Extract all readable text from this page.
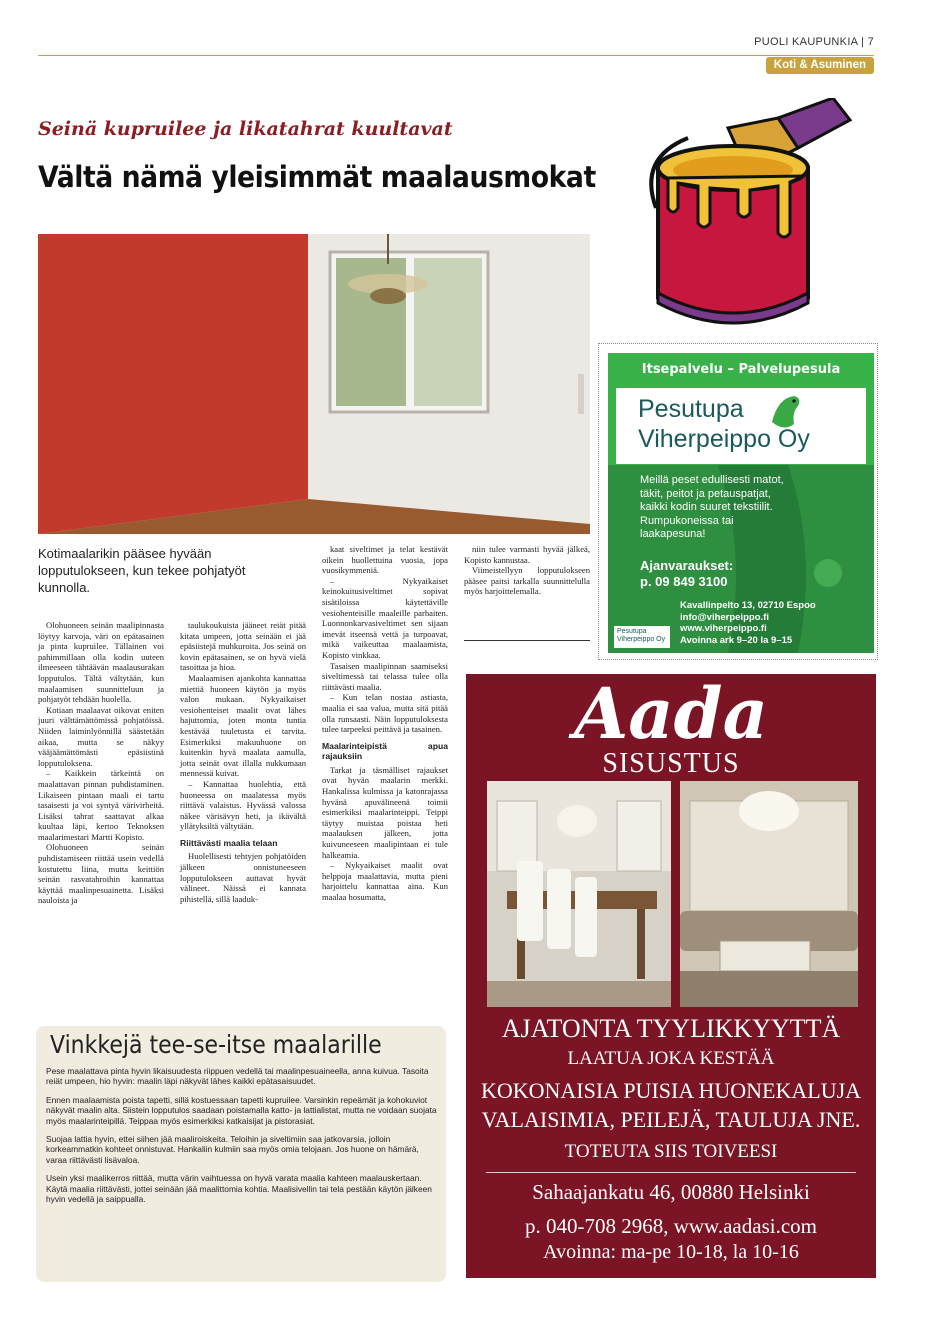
PUOLI KAUPUNKIA | 7
Koti & Asuminen
Seinä kupruilee ja likatahrat kuultavat
Vältä nämä yleisimmät maalausmokat
Kotimaalarikin pääsee hyvään lopputulokseen, kun tekee pohjatyöt kunnolla.

Olohuoneen seinän maalipinnasta löytyy karvoja, väri on epätasainen ja pinta kupruilee. Tällainen voi pahimmillaan olla kodin uuteen ilmeeseen tähtäävän maalausurakan lopputulos. Tältä vältytään, kun maalaamisen suunnitteluun ja pohjatyöt tehdään huolella.

Kotiaan maalaavat oikovat eniten juuri välttämättömissä pohjatöissä. Niiden laiminlyönnillä säästetään aikaa, mutta se näkyy vääjäämättömästi epäsiistinä lopputuloksena.

– Kaikkein tärkeintä on maalattavan pinnan puhdistaminen. Likaiseen pintaan maali ei tartu tasaisesti ja voi syntyä värivirheitä. Lisäksi tahrat saattavat alkaa kuultaa läpi, kertoo Teknoksen maalarimestari Martti Kopisto.

Olohuoneen seinän puhdistamiseen riittää usein vedellä kostutettu liina, mutta keittiön seinän rasvatahroihin kannattaa käyttää maalinpesuainetta. Lisäksi nauloista ja

taulukoukuista jääneet reiät pitää kitata umpeen, jotta seinään ei jää epäsiistejä muhkuroita. Jos seinä on kovin epätasainen, se on hyvä vielä tasoittaa ja hioa.

Maalaamisen ajankohta kannattaa miettiä huoneen käytön ja myös valon mukaan. Nykyaikaiset vesiohenteiset maalit ovat lähes hajuttomia, joten monta tuntia kestävää tuuletusta ei tarvita. Esimerkiksi makuuhuone on kuitenkin hyvä maalata aamulla, jotta seinät ovat illalla nukkumaan mennessä kuivat.

– Kannattaa huolehtia, että huoneessa on maalatessa myös riittävä valaistus. Hyvässä valossa näkee värisävyn heti, ja ikävältä yllätyksiltä vältytään.

Riittävästi maalia telaan

Huolellisesti tehtyjen pohjatöiden jälkeen onnistuneeseen lopputulokseen auttavat hyvät välineet. Näissä ei kannata pihistellä, sillä laaduk-

kaat siveltimet ja telat kestävät oikein huollettuina vuosia, jopa vuosikymmeniä.

– Nykyaikaiset keinokuitusiveltimet sopivat sisätiloissa käytettäville vesiohenteisille maaleille parhaiten. Luonnonkarvasiveltimet sen sijaan imevät itseensä vettä ja turpoavat, mikä vaikeuttaa maalaamista, Kopisto vinkkaa.

Tasaisen maalipinnan saamiseksi siveltimessä tai telassa tulee olla riittävästi maalia.

– Kun telan nostaa astiasta, maalia ei saa valua, mutta sitä pitää olla runsaasti. Näin lopputuloksesta tulee tarpeeksi peittävä ja tasainen.

Maalarinteipistä apua rajauksiin

Tarkat ja täsmälliset rajaukset ovat hyvän maalarin merkki. Hankalissa kulmissa ja katonrajassa hyvänä apuvälineenä toimii esimerkiksi maalarinteippi. Teippi täytyy muistaa poistaa heti maalauksen jälkeen, jotta kuivuneeseen maalipintaan ei tule halkeamia.

– Nykyaikaiset maalit ovat helppoja maalattavia, mutta pieni harjoittelu kannattaa aina. Kun maalaa hosumatta,

niin tulee varmasti hyvää jälkeä, Kopisto kannustaa.

Viimeistellyyn lopputulokseen pääsee paitsi tarkalla suunnittelulla myös harjoittelemalla.

Vinkkejä tee-se-itse maalarille

Pese maalattava pinta hyvin likaisuudesta riippuen vedellä tai maalinpesuaineella, anna kuivua. Tasoita reiät umpeen, hio hyvin: maalin läpi näkyvät lähes kaikki epätasaisuudet.

Ennen maalaamista poista tapetti, sillä kostuessaan tapetti kupruilee. Varsinkin repeämät ja kohokuviot näkyvät maalin alta. Siistein lopputulos saadaan poistamalla katto- ja lattialistat, mutta ne voidaan suojata myös maalarinteipillä. Teippaa myös esimerkiksi katkaisijat ja pistorasiat.

Suojaa lattia hyvin, ettei siihen jää maaliroiskeita. Teloihin ja siveltimiin saa jatkovarsia, jolloin korkeammatkin kohteet onnistuvat. Hankaliin kulmiin saa myös omia telojaan. Jos huone on hämärä, varaa riittävästi lisävaloa.

Usein yksi maalikerros riittää, mutta värin vaihtuessa on hyvä varata maalia kahteen maalauskertaan. Käytä maalia riittävästi, jottei seinään jää maalittomia kohtia. Maalisivellin tai tela pestään käytön jälkeen hyvin vedellä ja saippualla.

Itsepalvelu – Palvelupesula
Pesutupa
Viherpeippo Oy
Meillä peset edullisesti matot, täkit, peitot ja petauspatjat, kaikki kodin suuret tekstiilit. Rumpukoneissa tai laakapesuna!
Ajanvaraukset:
p. 09 849 3100
Kavallinpelto 13, 02710 Espoo
info@viherpeippo.fi
www.viherpeippo.fi
Avoinna ark 9–20 la 9–15
Pesutupa
Viherpeippo Oy
Aada
SISUSTUS
AJATONTA TYYLIKKYYTTÄ
LAATUA JOKA KESTÄÄ
KOKONAISIA PUISIA HUONEKALUJA
VALAISIMIA, PEILEJÄ, TAULUJA JNE.
TOTEUTA SIIS TOIVEESI
Sahaajankatu 46, 00880 Helsinki
p. 040-708 2968, www.aadasi.com
Avoinna: ma-pe 10-18, la 10-16
